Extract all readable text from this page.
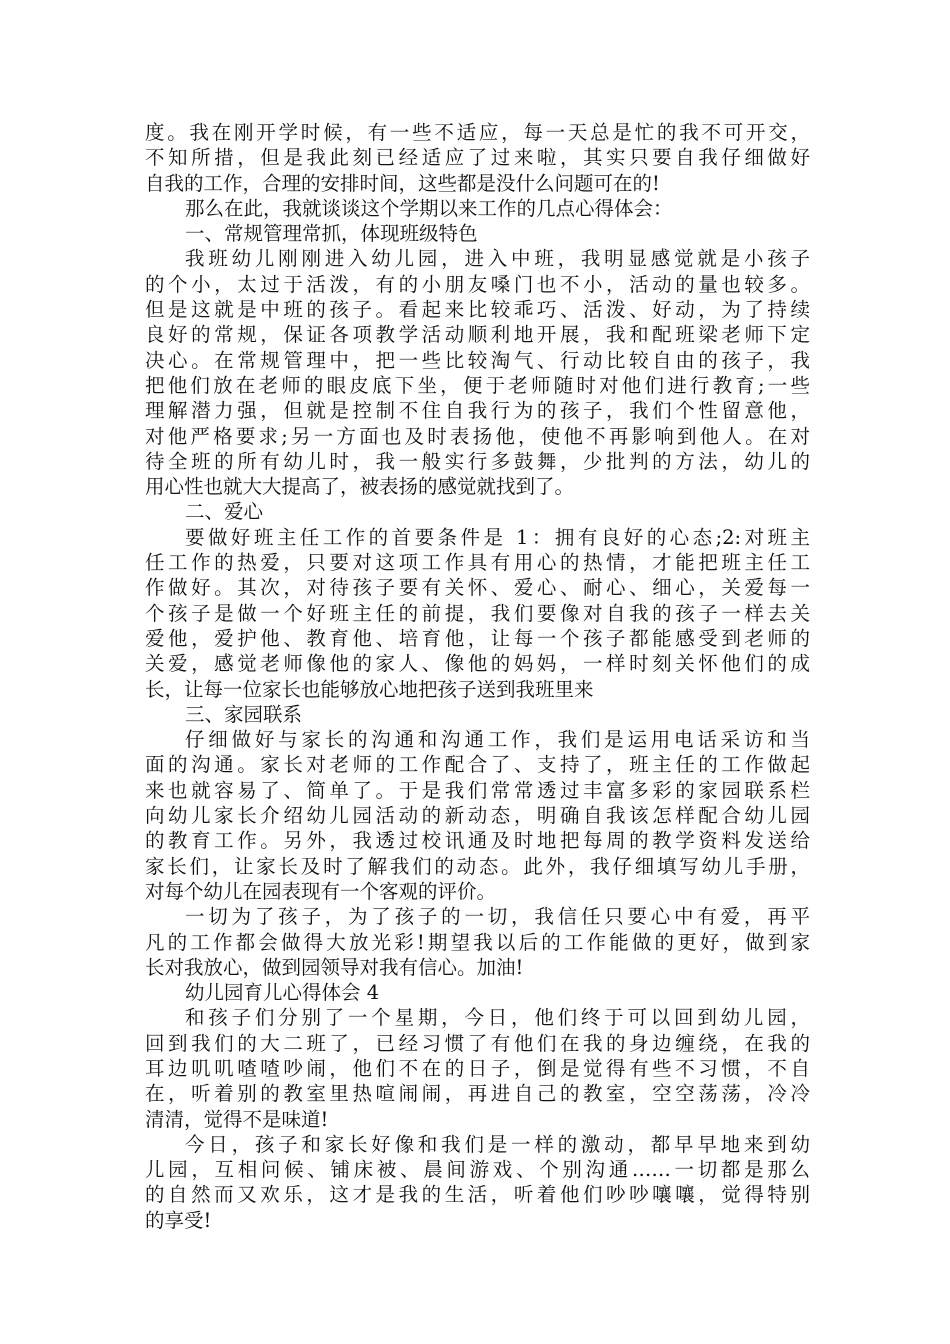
度。我在刚开学时候，有一些不适应，每一天总是忙的我不可开交，
不知所措，但是我此刻已经适应了过来啦，其实只要自我仔细做好
自我的工作，合理的安排时间，这些都是没什么问题可在的!
那么在此，我就谈谈这个学期以来工作的几点心得体会：
一、常规管理常抓，体现班级特色
我班幼儿刚刚进入幼儿园，进入中班，我明显感觉就是小孩子
的个小，太过于活泼，有的小朋友嗓门也不小，活动的量也较多。
但是这就是中班的孩子。看起来比较乖巧、活泼、好动，为了持续
良好的常规，保证各项教学活动顺利地开展，我和配班梁老师下定
决心。在常规管理中，把一些比较淘气、行动比较自由的孩子，我
把他们放在老师的眼皮底下坐，便于老师随时对他们进行教育;一些
理解潜力强，但就是控制不住自我行为的孩子，我们个性留意他，
对他严格要求;另一方面也及时表扬他，使他不再影响到他人。在对
待全班的所有幼儿时，我一般实行多鼓舞，少批判的方法，幼儿的
用心性也就大大提高了，被表扬的感觉就找到了。
二、爱心
要做好班主任工作的首要条件是 1：拥有良好的心态;2:对班主
任工作的热爱，只要对这项工作具有用心的热情，才能把班主任工
作做好。其次，对待孩子要有关怀、爱心、耐心、细心，关爱每一
个孩子是做一个好班主任的前提，我们要像对自我的孩子一样去关
爱他，爱护他、教育他、培育他，让每一个孩子都能感受到老师的
关爱，感觉老师像他的家人、像他的妈妈，一样时刻关怀他们的成
长，让每一位家长也能够放心地把孩子送到我班里来
三、家园联系
仔细做好与家长的沟通和沟通工作，我们是运用电话采访和当
面的沟通。家长对老师的工作配合了、支持了，班主任的工作做起
来也就容易了、简单了。于是我们常常透过丰富多彩的家园联系栏
向幼儿家长介绍幼儿园活动的新动态，明确自我该怎样配合幼儿园
的教育工作。另外，我透过校讯通及时地把每周的教学资料发送给
家长们，让家长及时了解我们的动态。此外，我仔细填写幼儿手册，
对每个幼儿在园表现有一个客观的评价。
一切为了孩子，为了孩子的一切，我信任只要心中有爱，再平
凡的工作都会做得大放光彩!期望我以后的工作能做的更好，做到家
长对我放心，做到园领导对我有信心。加油!
幼儿园育儿心得体会 4
和孩子们分别了一个星期，今日，他们终于可以回到幼儿园，
回到我们的大二班了，已经习惯了有他们在我的身边缠绕，在我的
耳边叽叽喳喳吵闹，他们不在的日子，倒是觉得有些不习惯，不自
在，听着别的教室里热喧闹闹，再进自己的教室，空空荡荡，冷冷
清清，觉得不是味道!
今日，孩子和家长好像和我们是一样的激动，都早早地来到幼
儿园，互相问候、铺床被、晨间游戏、个别沟通……一切都是那么
的自然而又欢乐，这才是我的生活，听着他们吵吵嚷嚷，觉得特别
的享受!
